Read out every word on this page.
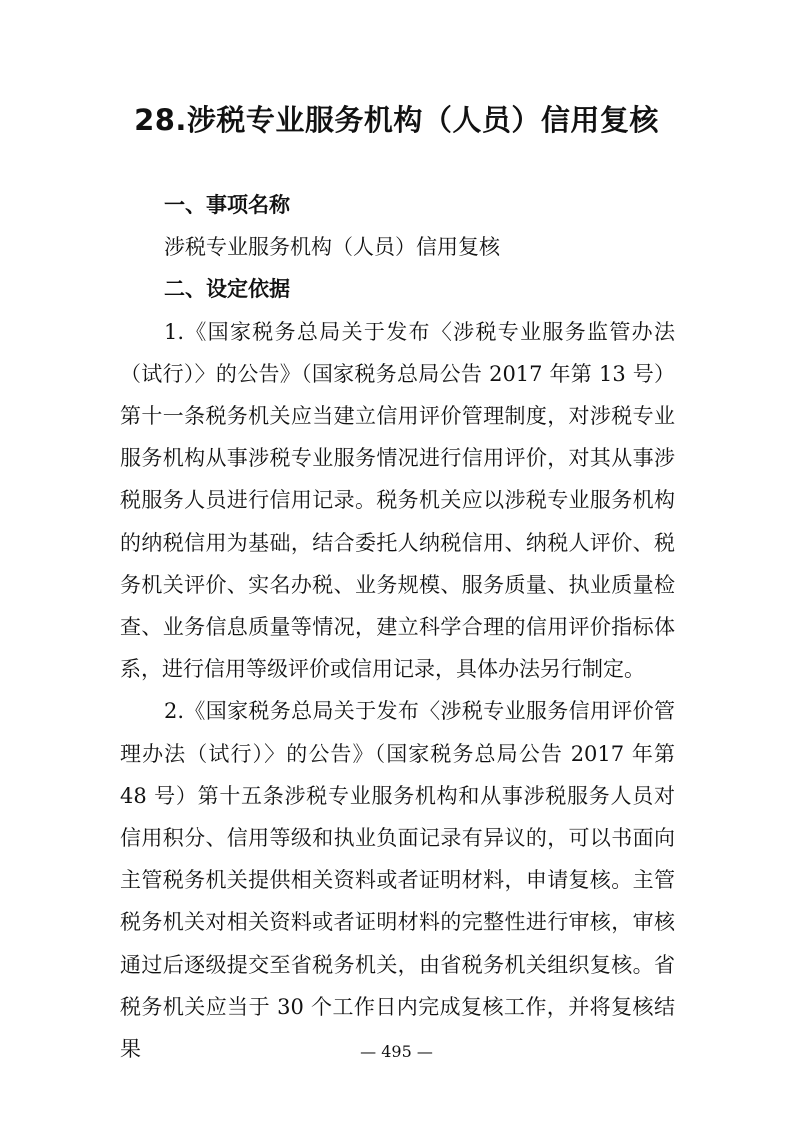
28.涉税专业服务机构（人员）信用复核

一、事项名称

涉税专业服务机构（人员）信用复核

二、设定依据

1.《国家税务总局关于发布〈涉税专业服务监管办法（试行）〉的公告》（国家税务总局公告 2017 年第 13 号）第十一条税务机关应当建立信用评价管理制度，对涉税专业服务机构从事涉税专业服务情况进行信用评价，对其从事涉税服务人员进行信用记录。税务机关应以涉税专业服务机构的纳税信用为基础，结合委托人纳税信用、纳税人评价、税务机关评价、实名办税、业务规模、服务质量、执业质量检查、业务信息质量等情况，建立科学合理的信用评价指标体系，进行信用等级评价或信用记录，具体办法另行制定。

2.《国家税务总局关于发布〈涉税专业服务信用评价管理办法（试行）〉的公告》（国家税务总局公告 2017 年第 48 号）第十五条涉税专业服务机构和从事涉税服务人员对信用积分、信用等级和执业负面记录有异议的，可以书面向主管税务机关提供相关资料或者证明材料，申请复核。主管税务机关对相关资料或者证明材料的完整性进行审核，审核通过后逐级提交至省税务机关，由省税务机关组织复核。省税务机关应当于 30 个工作日内完成复核工作，并将复核结果	— 495 —
